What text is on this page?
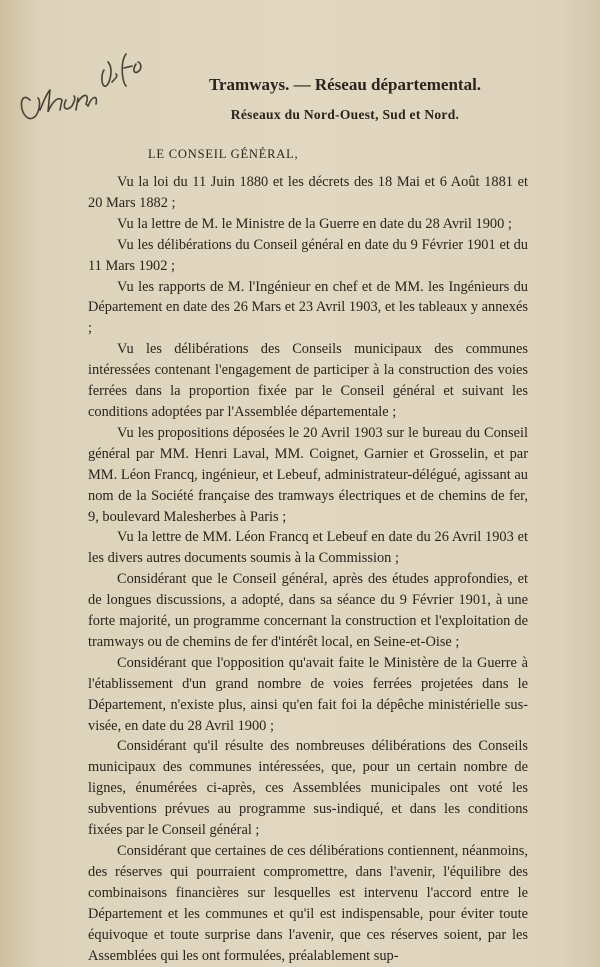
Tramways. — Réseau départemental.
Réseaux du Nord-Ouest, Sud et Nord.
LE CONSEIL GÉNÉRAL,

Vu la loi du 11 Juin 1880 et les décrets des 18 Mai et 6 Août 1881 et 20 Mars 1882 ;

Vu la lettre de M. le Ministre de la Guerre en date du 28 Avril 1900 ;

Vu les délibérations du Conseil général en date du 9 Février 1901 et du 11 Mars 1902 ;

Vu les rapports de M. l'Ingénieur en chef et de MM. les Ingénieurs du Département en date des 26 Mars et 23 Avril 1903, et les tableaux y annexés ;

Vu les délibérations des Conseils municipaux des communes intéressées contenant l'engagement de participer à la construction des voies ferrées dans la proportion fixée par le Conseil général et suivant les conditions adoptées par l'Assemblée départementale ;

Vu les propositions déposées le 20 Avril 1903 sur le bureau du Conseil général par MM. Henri Laval, MM. Coignet, Garnier et Grosselin, et par MM. Léon Francq, ingénieur, et Lebeuf, administrateur-délégué, agissant au nom de la Société française des tramways électriques et de chemins de fer, 9, boulevard Malesherbes à Paris ;

Vu la lettre de MM. Léon Francq et Lebeuf en date du 26 Avril 1903 et les divers autres documents soumis à la Commission ;

Considérant que le Conseil général, après des études approfondies, et de longues discussions, a adopté, dans sa séance du 9 Février 1901, à une forte majorité, un programme concernant la construction et l'exploitation de tramways ou de chemins de fer d'intérêt local, en Seine-et-Oise ;

Considérant que l'opposition qu'avait faite le Ministère de la Guerre à l'établissement d'un grand nombre de voies ferrées projetées dans le Département, n'existe plus, ainsi qu'en fait foi la dépêche ministérielle sus-visée, en date du 28 Avril 1900 ;

Considérant qu'il résulte des nombreuses délibérations des Conseils municipaux des communes intéressées, que, pour un certain nombre de lignes, énumérées ci-après, ces Assemblées municipales ont voté les subventions prévues au programme sus-indiqué, et dans les conditions fixées par le Conseil général ;

Considérant que certaines de ces délibérations contiennent, néanmoins, des réserves qui pourraient compromettre, dans l'avenir, l'équilibre des combinaisons financières sur lesquelles est intervenu l'accord entre le Département et les communes et qu'il est indispensable, pour éviter toute équivoque et toute surprise dans l'avenir, que ces réserves soient, par les Assemblées qui les ont formulées, préalablement sup-
